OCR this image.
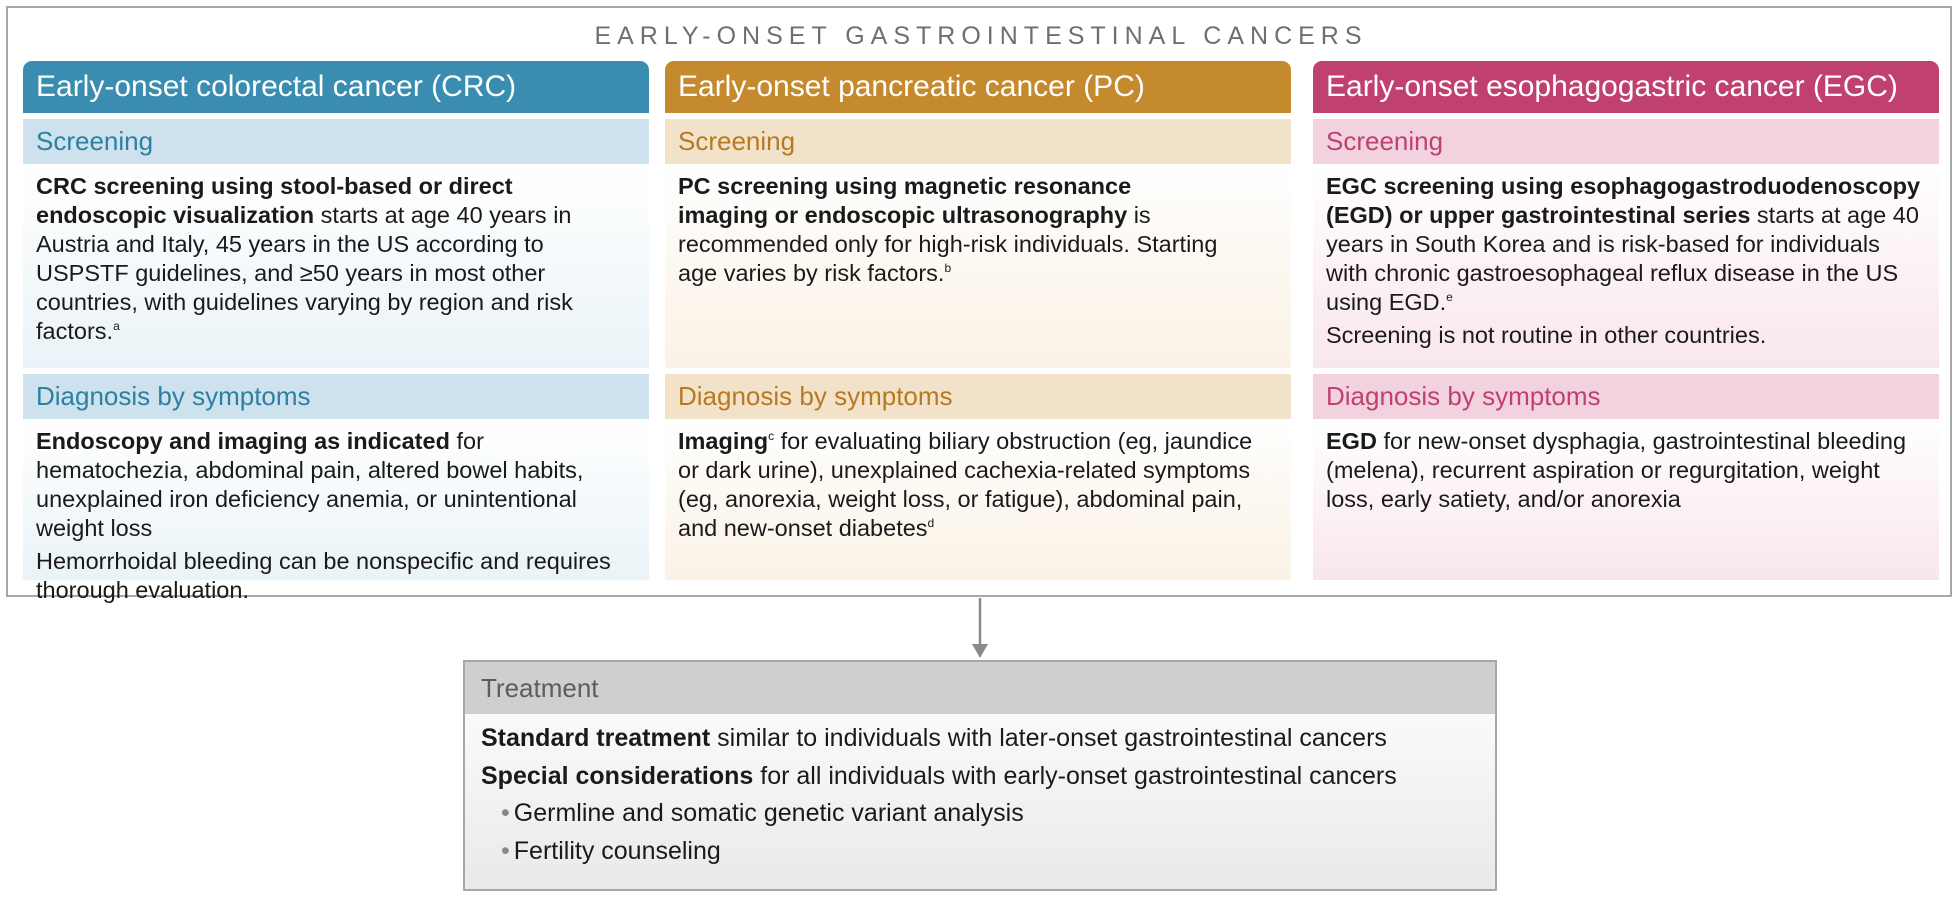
EARLY-ONSET GASTROINTESTINAL CANCERS
Early-onset colorectal cancer (CRC)
Screening

CRC screening using stool-based or direct endoscopic visualization starts at age 40 years in Austria and Italy, 45 years in the US according to USPSTF guidelines, and ≥50 years in most other countries, with guidelines varying by region and risk factors.$^a$

Diagnosis by symptoms

Endoscopy and imaging as indicated for hematochezia, abdominal pain, altered bowel habits, unexplained iron deficiency anemia, or unintentional weight loss

Hemorrhoidal bleeding can be nonspecific and requires thorough evaluation.

Early-onset pancreatic cancer (PC)
Screening

PC screening using magnetic resonance imaging or endoscopic ultrasonography is recommended only for high-risk individuals. Starting age varies by risk factors.$^b$

Diagnosis by symptoms

Imaging$^c$ for evaluating biliary obstruction (eg, jaundice or dark urine), unexplained cachexia-related symptoms (eg, anorexia, weight loss, or fatigue), abdominal pain, and new-onset diabetes$^d$

Early-onset esophagogastric cancer (EGC)
Screening

EGC screening using esophagogastroduodenoscopy (EGD) or upper gastrointestinal series starts at age 40 years in South Korea and is risk-based for individuals with chronic gastroesophageal reflux disease in the US using EGD.$^e$

Screening is not routine in other countries.

Diagnosis by symptoms

EGD for new-onset dysphagia, gastrointestinal bleeding (melena), recurrent aspiration or regurgitation, weight loss, early satiety, and/or anorexia

Treatment

Standard treatment similar to individuals with later-onset gastrointestinal cancers

Special considerations for all individuals with early-onset gastrointestinal cancers

• Germline and somatic genetic variant analysis

• Fertility counseling
